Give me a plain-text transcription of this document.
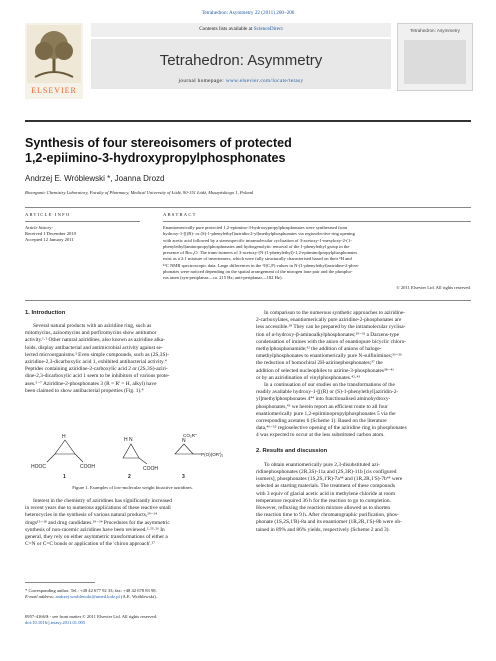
Tetrahedron: Asymmetry 22 (2011) 200–206
ELSEVIER
Contents lists available at ScienceDirect
Tetrahedron: Asymmetry
journal homepage: www.elsevier.com/locate/tetasy
Tetrahedron: Asymmetry
Synthesis of four stereoisomers of protected
1,2-epiimino-3-hydroxypropylphosphonates
Andrzej E. Wróblewski *, Joanna Drozd
Bioorganic Chemistry Laboratory, Faculty of Pharmacy, Medical University of Łódź, 90-151 Łódź, Muszyńskiego 1, Poland
ARTICLE INFO
Article history:
Received 1 December 2010
Accepted 12 January 2011
ABSTRACT
Enantiomerically pure protected 1,2-epiimino-3-hydroxypropylphosphonates were synthesised from
hydroxy-1-[[(R)- or (S)-1-phenylethyl]aziridin-2-yl]methylphosphonates via regioselective ring opening
with acetic acid followed by a stereospecific intramolecular cyclisation of 3-acetoxy-1-mesyloxy-2-(1-
phenylethyl)aminopropylphosphonates and hydrogenolytic removal of the 1-phenylethyl group in the
presence of Boc₂O. The trans-isomers of 3-acetoxy-[N-(1-phenylethyl)-1,2-epiimino]propylphosphonates
exist as a 2:1 mixture of invertomers, which were fully structurally characterised based on their ¹H and
¹³C NMR spectroscopic data. Large differences in the ³J(C,P) values in N-(1-phenylethyl)aziridine-2-phos-
phonates were noticed depending on the spatial arrangement of the nitrogen lone pair and the phospho-
rus atom (syn-periplanar—ca. 215 Hz; anti-periplanar—182 Hz).
© 2011 Elsevier Ltd. All rights reserved.
1. Introduction
Several natural products with an aziridine ring, such as
mitomycins, azinomycins and porfiromycins show antitumor
activity.¹·² Other natural aziridines, also known as aziridine alka-
loids, display antibacterial and antimicrobial activity against se-
lected microorganisms.³ Even simple compounds, such as (2S,3S)-
aziridine-2,3-dicarboxylic acid 1, exhibited antibacterial activity.⁴
Peptides containing aziridine-2-carboxylic acid 2 or (2S,3S)-aziri-
dine-2,3-dicarboxylic acid 1 seem to be inhibitors of various prote-
ases.⁵⁻⁷ Aziridine-2-phosphonates 3 (R = R' = H, alkyl) have
been claimed to show antibacterial properties (Fig. 1).⁸
H
HOOC	COOH
1
H N
COOH
2
N
CO₂R"
P(O)(OR')₂
3
Figure 1. Examples of low-molecular weight bioactive aziridines.
Interest in the chemistry of aziridines has significantly increased
in recent years due to numerous applications of these reactive small
heterocycles in the synthesis of various natural products,²⁹⁻¹⁴
drugs¹⁵⁻¹⁸ and drug candidates.¹⁹⁻²⁴ Procedures for the asymmetric
synthesis of non-racemic aziridines have been reviewed.²·²⁵·²⁶ In
general, they rely on either asymmetric transformations of either a
C=N or C=C bonds or application of the 'chiron approach'.²⁷
* Corresponding author. Tel.: +48 42 677 92 33; fax: +48 42 678 83 98.
E-mail address: andrzej.wroblewski@umed.lodz.pl (A.E. Wróblewski).
0957-4166/$ - see front matter © 2011 Elsevier Ltd. All rights reserved.
doi:10.1016/j.tetasy.2011.01.005
In comparison to the numerous synthetic approaches to aziridine-
2-carboxylates, enantiomerically pure aziridine-2-phosphonates are
less accessible.²⁸ They can be prepared by the intramolecular cyclisa-
tion of α-hydroxy-β-aminoalkylphosphonates;²⁹⁻³¹ a Darzens-type
condensation of imines with the anion of enantiopure bicyclic chloro-
methylphosphonamide;³² the addition of anions of haloge-
nmethylphosphonates to enantiomerically pure N-sulfinimines;³³⁻³⁶
the reduction of homochiral 2H-azirinephosphonates;³⁷ the
addition of selected nucleophiles to azirine-3-phosphonates³⁸⁻⁴¹
or by an aziridination of vinylphosphonates.⁴²·⁴³
In a continuation of our studies on the transformations of the
readily available hydroxy-1-[[(R) or (S)-1-phenylethyl]aziridin-2-
yl]methylphosphonates 4⁴⁴ into functionalised aminohydroxy-
phosphonates,⁴⁵ we herein report an efficient route to all four
enantiomerically pure 1,2-epiiminopropylphosphonates 5 via the
corresponding acetates 6 (Scheme 1). Based on the literature
data,⁴⁶⁻⁵² regioselective opening of the aziridine ring in phosphonates
4 was expected to occur at the less substituted carbon atom.
2. Results and discussion
To obtain enantiomerically pure 2,3-disubstituted azi-
ridinephosphonates (2R,3S)-11a and (2S,3R)-11b [cis configured
isomers], phosphonates (1S,2S,1'R)-7a⁴⁴ and (1R,2R,1'S)-7b⁴⁴ were
selected as starting materials. The treatment of these compounds
with 3 equiv of glacial acetic acid in methylene chloride at room
temperature required 36 h for the reaction to go to completion.
However, refluxing the reaction mixture allowed us to shorten
the reaction time to 9 h. After chromatographic purification, phos-
phonate (1S,2S,1'R)-8a and its enantiomer (1R,2R,1'S)-8b were ob-
tained in 89% and 86% yields, respectively (Scheme 2 and 3).
